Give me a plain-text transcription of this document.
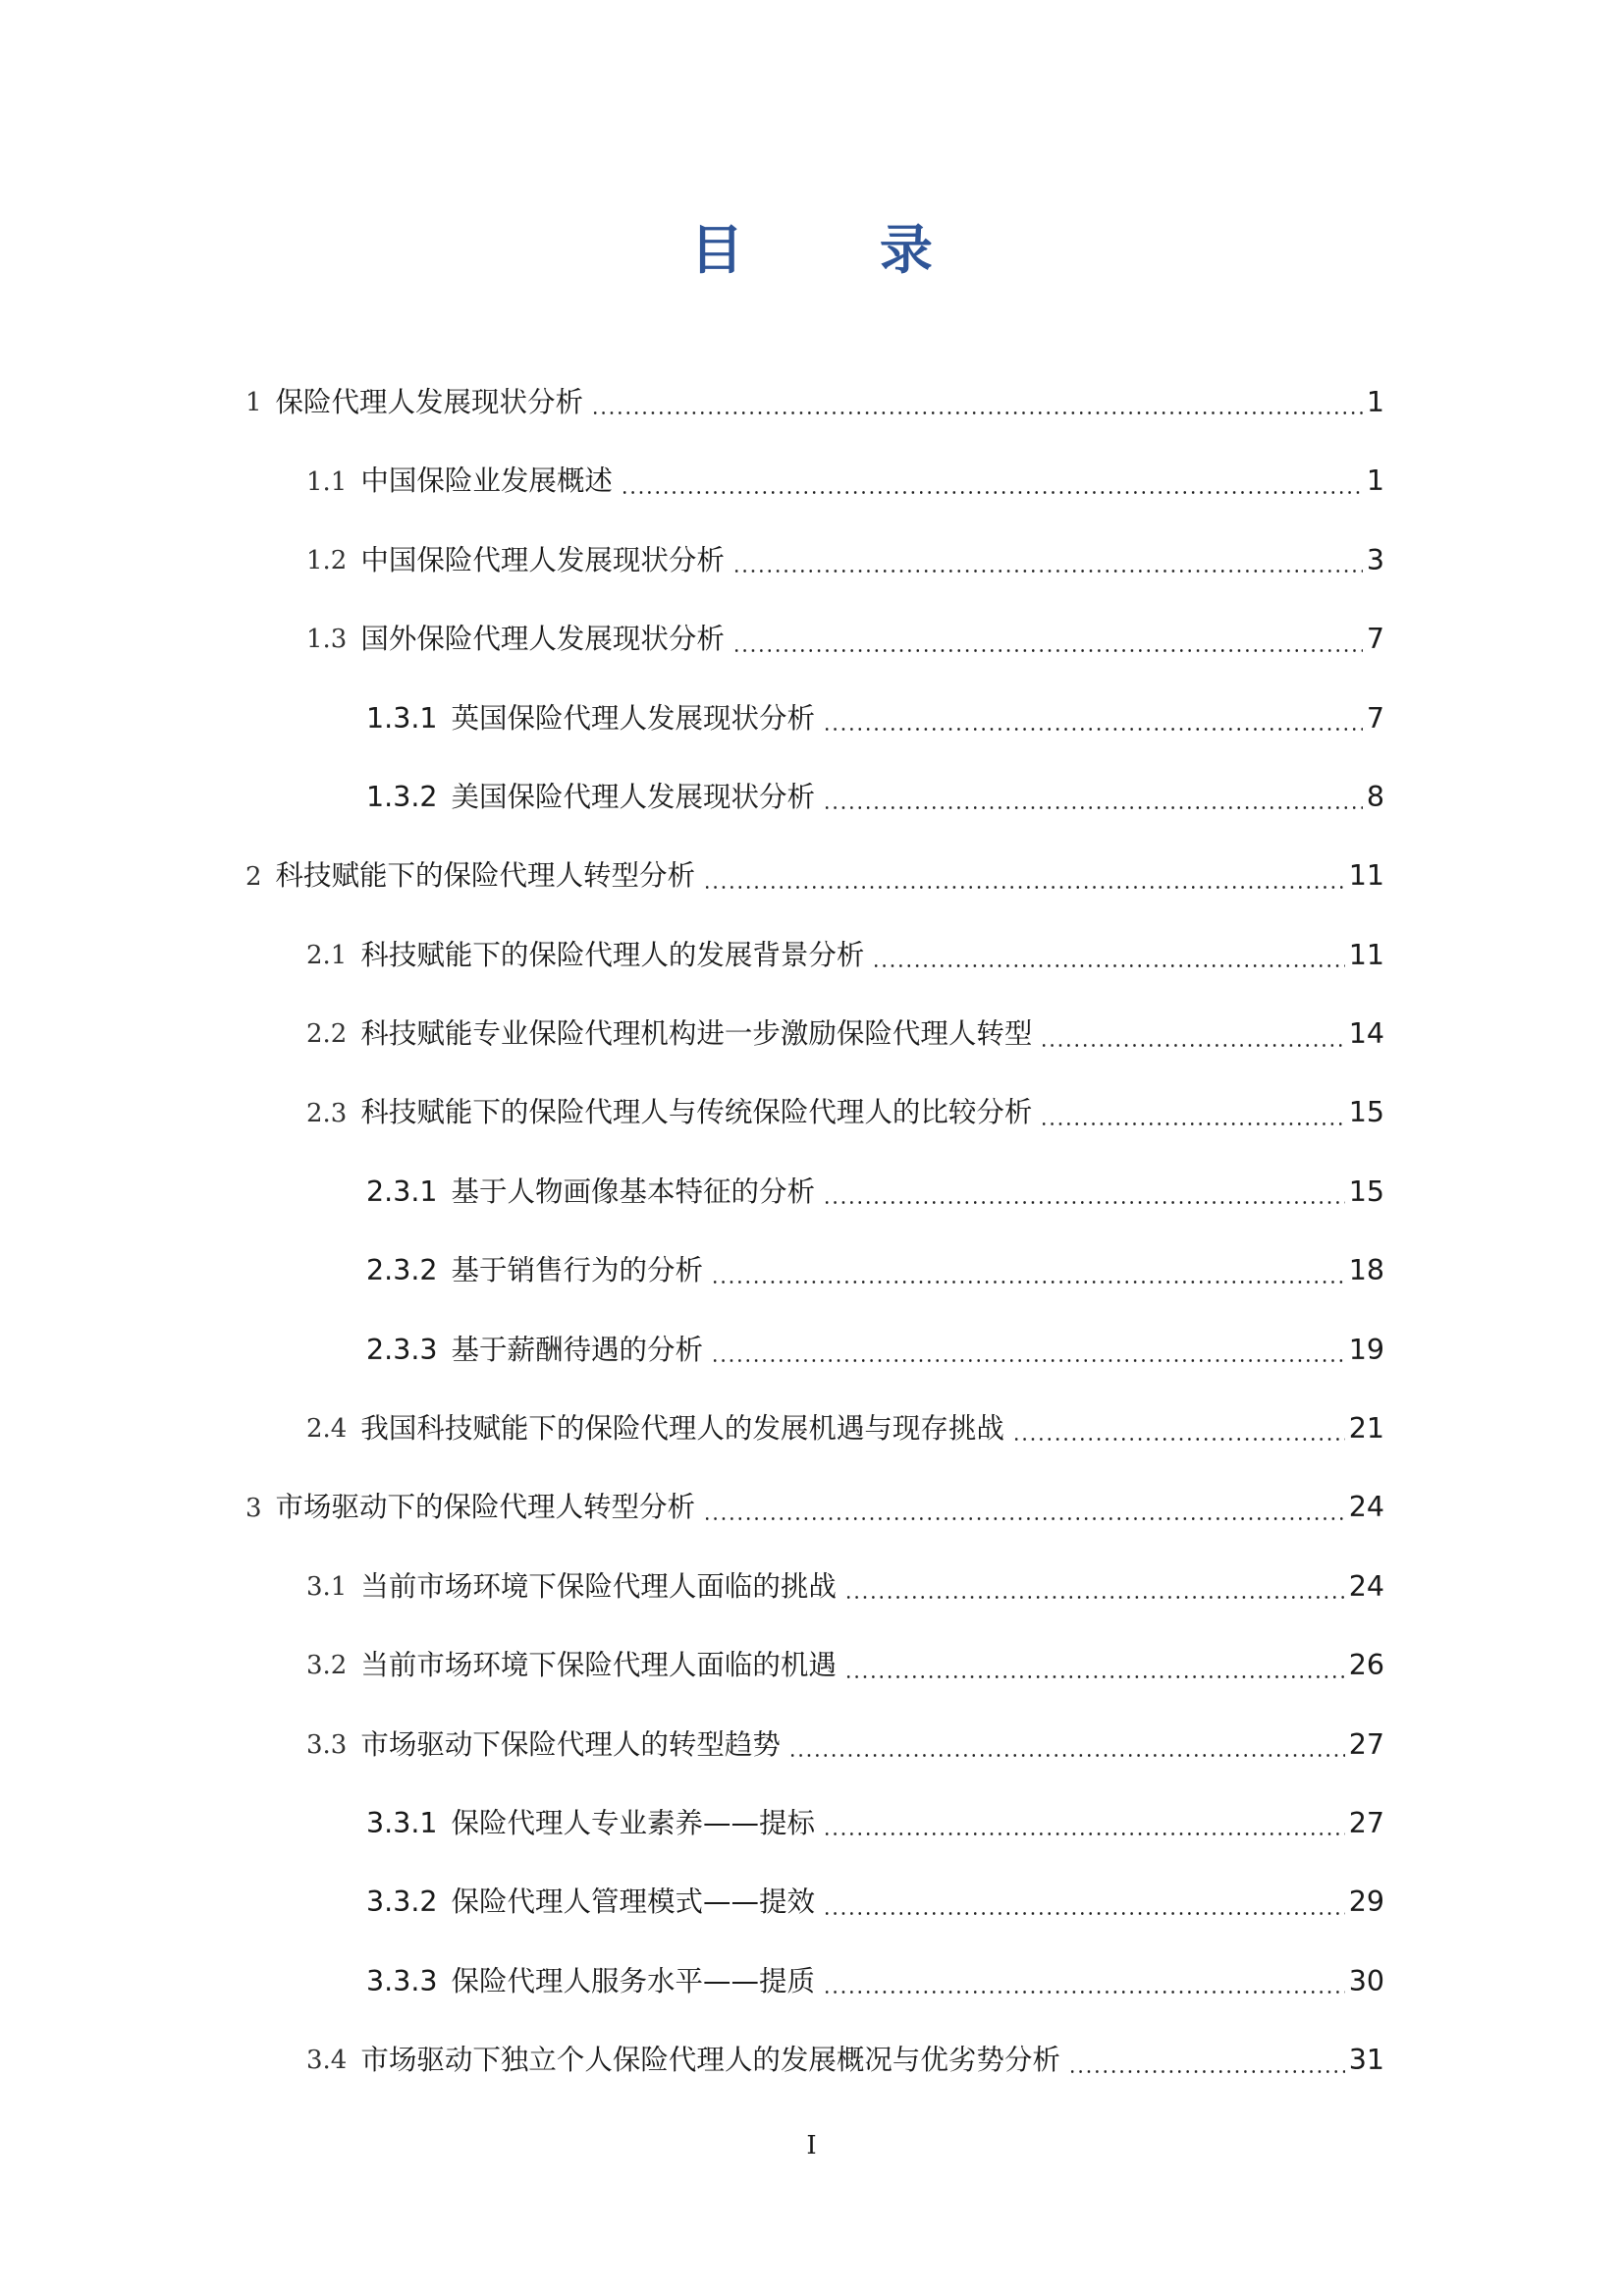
目 录
1 保险代理人发展现状分析	1
1.1 中国保险业发展概述	1
1.2 中国保险代理人发展现状分析	3
1.3 国外保险代理人发展现状分析	7
1.3.1 英国保险代理人发展现状分析	7
1.3.2 美国保险代理人发展现状分析	8
2 科技赋能下的保险代理人转型分析	11
2.1 科技赋能下的保险代理人的发展背景分析	11
2.2 科技赋能专业保险代理机构进一步激励保险代理人转型	14
2.3 科技赋能下的保险代理人与传统保险代理人的比较分析	15
2.3.1 基于人物画像基本特征的分析	15
2.3.2 基于销售行为的分析	18
2.3.3 基于薪酬待遇的分析	19
2.4 我国科技赋能下的保险代理人的发展机遇与现存挑战	21
3 市场驱动下的保险代理人转型分析	24
3.1 当前市场环境下保险代理人面临的挑战	24
3.2 当前市场环境下保险代理人面临的机遇	26
3.3 市场驱动下保险代理人的转型趋势	27
3.3.1 保险代理人专业素养——提标	27
3.3.2 保险代理人管理模式——提效	29
3.3.3 保险代理人服务水平——提质	30
3.4 市场驱动下独立个人保险代理人的发展概况与优劣势分析	31
I
